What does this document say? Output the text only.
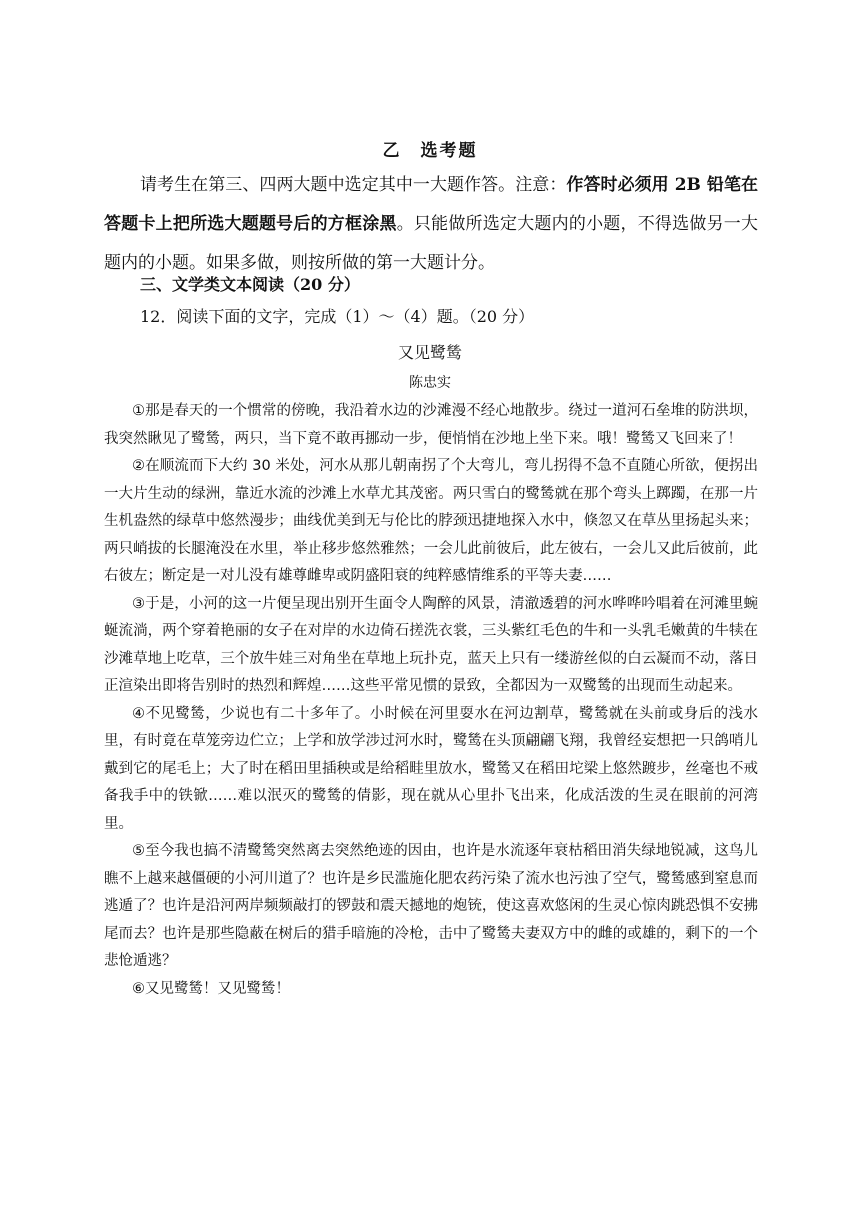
乙　选考题
请考生在第三、四两大题中选定其中一大题作答。注意：作答时必须用 2B 铅笔在答题卡上把所选大题题号后的方框涂黑。只能做所选定大题内的小题，不得选做另一大题内的小题。如果多做，则按所做的第一大题计分。
三、文学类文本阅读（20 分）
12．阅读下面的文字，完成（1）～（4）题。（20 分）
又见鹭鸶
陈忠实

①那是春天的一个惯常的傍晚，我沿着水边的沙滩漫不经心地散步。绕过一道河石垒堆的防洪坝，我突然瞅见了鹭鸶，两只，当下竟不敢再挪动一步，便悄悄在沙地上坐下来。哦！鹭鸶又飞回来了！

②在顺流而下大约 30 米处，河水从那儿朝南拐了个大弯儿，弯儿拐得不急不直随心所欲，便拐出一大片生动的绿洲，靠近水流的沙滩上水草尤其茂密。两只雪白的鹭鸶就在那个弯头上踯躅，在那一片生机盎然的绿草中悠然漫步；曲线优美到无与伦比的脖颈迅捷地探入水中，倏忽又在草丛里扬起头来；两只峭拔的长腿淹没在水里，举止移步悠然雅然；一会儿此前彼后，此左彼右，一会儿又此后彼前，此右彼左；断定是一对儿没有雄尊雌卑或阴盛阳衰的纯粹感情维系的平等夫妻……

③于是，小河的这一片便呈现出别开生面令人陶醉的风景，清澈透碧的河水哗哗吟唱着在河滩里蜿蜒流淌，两个穿着艳丽的女子在对岸的水边倚石搓洗衣裳，三头紫红毛色的牛和一头乳毛嫩黄的牛犊在沙滩草地上吃草，三个放牛娃三对角坐在草地上玩扑克，蓝天上只有一缕游丝似的白云凝而不动，落日正渲染出即将告别时的热烈和辉煌……这些平常见惯的景致，全都因为一双鹭鸶的出现而生动起来。

④不见鹭鸶，少说也有二十多年了。小时候在河里耍水在河边割草，鹭鸶就在头前或身后的浅水里，有时竟在草笼旁边伫立；上学和放学涉过河水时，鹭鸶在头顶翩翩飞翔，我曾经妄想把一只鸽哨儿戴到它的尾毛上；大了时在稻田里插秧或是给稻畦里放水，鹭鸶又在稻田坨梁上悠然踱步，丝毫也不戒备我手中的铁锨……难以泯灭的鹭鸶的倩影，现在就从心里扑飞出来，化成活泼的生灵在眼前的河湾里。

⑤至今我也搞不清鹭鸶突然离去突然绝迹的因由，也许是水流逐年衰枯稻田消失绿地锐减，这鸟儿瞧不上越来越僵硬的小河川道了？也许是乡民滥施化肥农药污染了流水也污浊了空气，鹭鸶感到窒息而逃遁了？也许是沿河两岸频频敲打的锣鼓和震天撼地的炮铳，使这喜欢悠闲的生灵心惊肉跳恐惧不安拂尾而去？也许是那些隐蔽在树后的猎手暗施的冷枪，击中了鹭鸶夫妻双方中的雌的或雄的，剩下的一个悲怆遁逃？

⑥又见鹭鸶！又见鹭鸶！
